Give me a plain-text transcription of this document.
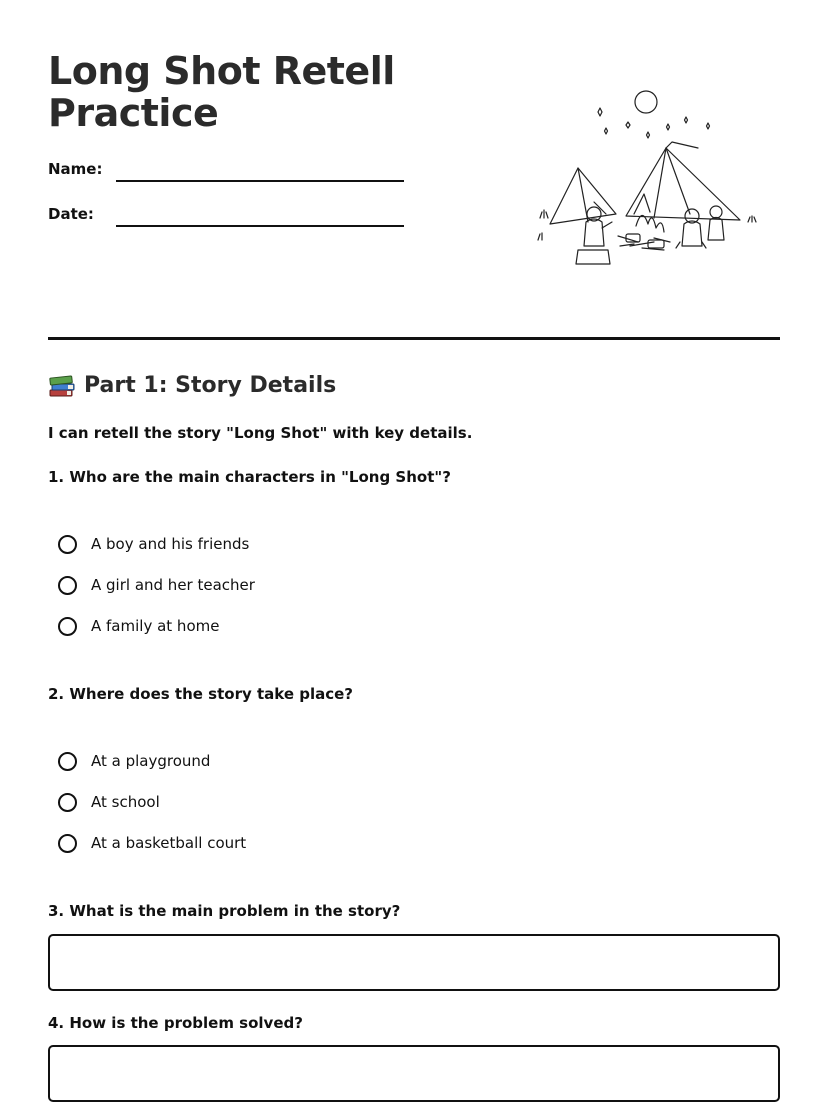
Long Shot Retell Practice
Name:
Date:
Part 1: Story Details
I can retell the story "Long Shot" with key details.
1. Who are the main characters in "Long Shot"?
A boy and his friends
A girl and her teacher
A family at home
2. Where does the story take place?
At a playground
At school
At a basketball court
3. What is the main problem in the story?
4. How is the problem solved?
